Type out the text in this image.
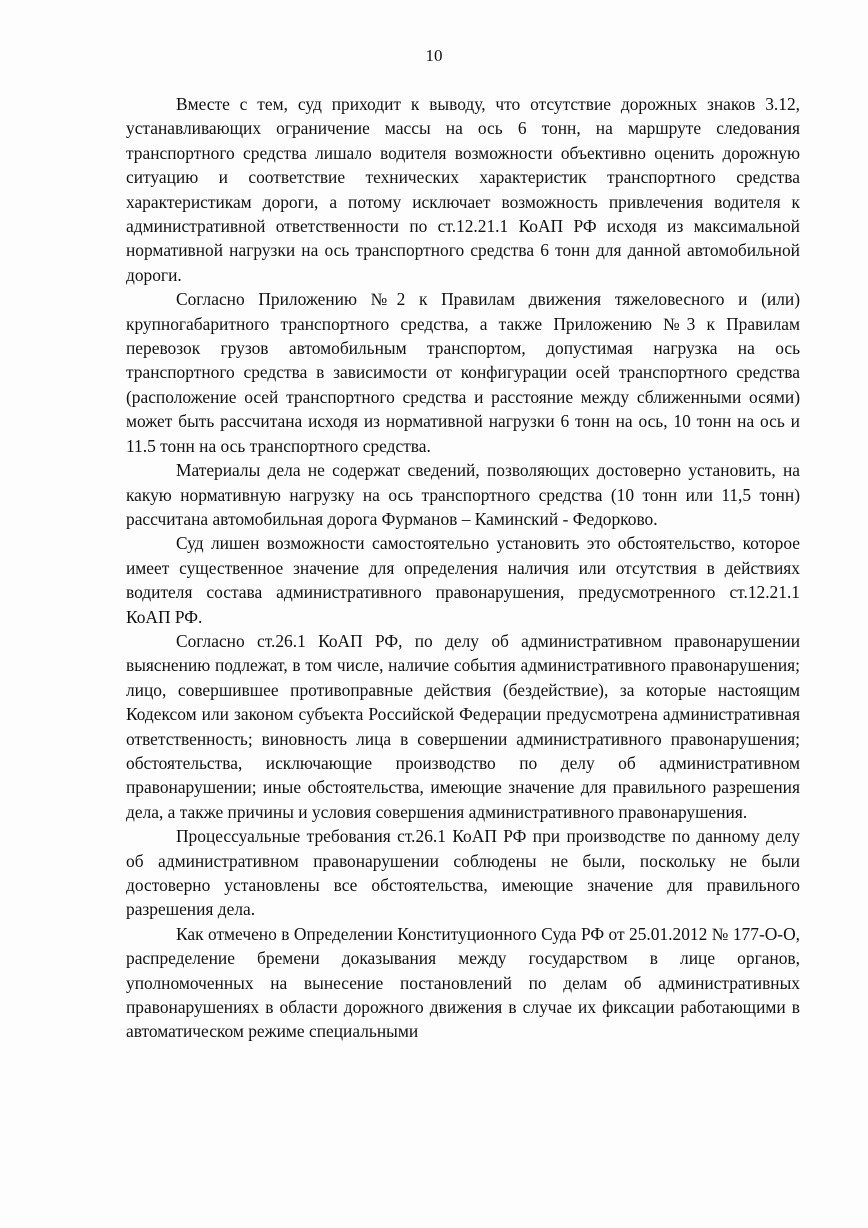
10

Вместе с тем, суд приходит к выводу, что отсутствие дорожных знаков 3.12, устанавливающих ограничение массы на ось 6 тонн, на маршруте следования транспортного средства лишало водителя возможности объективно оценить дорожную ситуацию и соответствие технических характеристик транспортного средства характеристикам дороги, а потому исключает возможность привлечения водителя к административной ответственности по ст.12.21.1 КоАП РФ исходя из максимальной нормативной нагрузки на ось транспортного средства 6 тонн для данной автомобильной дороги.

Согласно Приложению №2 к Правилам движения тяжеловесного и (или) крупногабаритного транспортного средства, а также Приложению №3 к Правилам перевозок грузов автомобильным транспортом, допустимая нагрузка на ось транспортного средства в зависимости от конфигурации осей транспортного средства (расположение осей транспортного средства и расстояние между сближенными осями) может быть рассчитана исходя из нормативной нагрузки 6 тонн на ось, 10 тонн на ось и 11.5 тонн на ось транспортного средства.

Материалы дела не содержат сведений, позволяющих достоверно установить, на какую нормативную нагрузку на ось транспортного средства (10 тонн или 11,5 тонн) рассчитана автомобильная дорога Фурманов – Каминский - Федорково.

Суд лишен возможности самостоятельно установить это обстоятельство, которое имеет существенное значение для определения наличия или отсутствия в действиях водителя состава административного правонарушения, предусмотренного ст.12.21.1 КоАП РФ.

Согласно ст.26.1 КоАП РФ, по делу об административном правонарушении выяснению подлежат, в том числе, наличие события административного правонарушения; лицо, совершившее противоправные действия (бездействие), за которые настоящим Кодексом или законом субъекта Российской Федерации предусмотрена административная ответственность; виновность лица в совершении административного правонарушения; обстоятельства, исключающие производство по делу об административном правонарушении; иные обстоятельства, имеющие значение для правильного разрешения дела, а также причины и условия совершения административного правонарушения.

Процессуальные требования ст.26.1 КоАП РФ при производстве по данному делу об административном правонарушении соблюдены не были, поскольку не были достоверно установлены все обстоятельства, имеющие значение для правильного разрешения дела.

Как отмечено в Определении Конституционного Суда РФ от 25.01.2012 № 177-О-О, распределение бремени доказывания между государством в лице органов, уполномоченных на вынесение постановлений по делам об административных правонарушениях в области дорожного движения в случае их фиксации работающими в автоматическом режиме специальными
